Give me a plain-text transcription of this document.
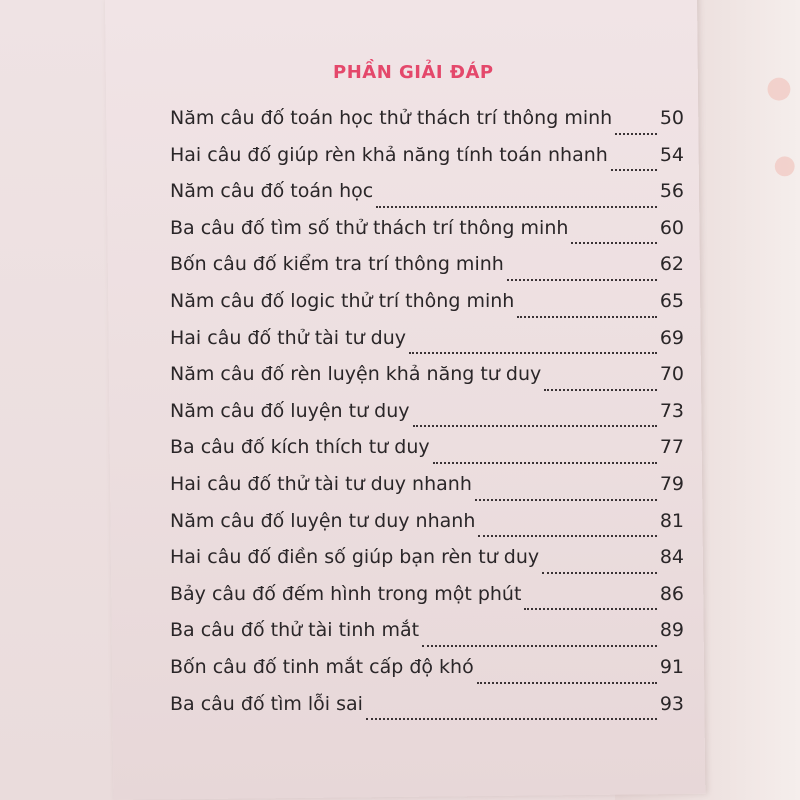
●
●
PHẦN GIẢI ĐÁP
Năm câu đố toán học thử thách trí thông minh	50
Hai câu đố giúp rèn khả năng tính toán nhanh	54
Năm câu đố toán học	56
Ba câu đố tìm số thử thách trí thông minh	60
Bốn câu đố kiểm tra trí thông minh	62
Năm câu đố logic thử trí thông minh	65
Hai câu đố thử tài tư duy	69
Năm câu đố rèn luyện khả năng tư duy	70
Năm câu đố luyện tư duy	73
Ba câu đố kích thích tư duy	77
Hai câu đố thử tài tư duy nhanh	79
Năm câu đố luyện tư duy nhanh	81
Hai câu đố điền số giúp bạn rèn tư duy	84
Bảy câu đố đếm hình trong một phút	86
Ba câu đố thử tài tinh mắt	89
Bốn câu đố tinh mắt cấp độ khó	91
Ba câu đố tìm lỗi sai	93
